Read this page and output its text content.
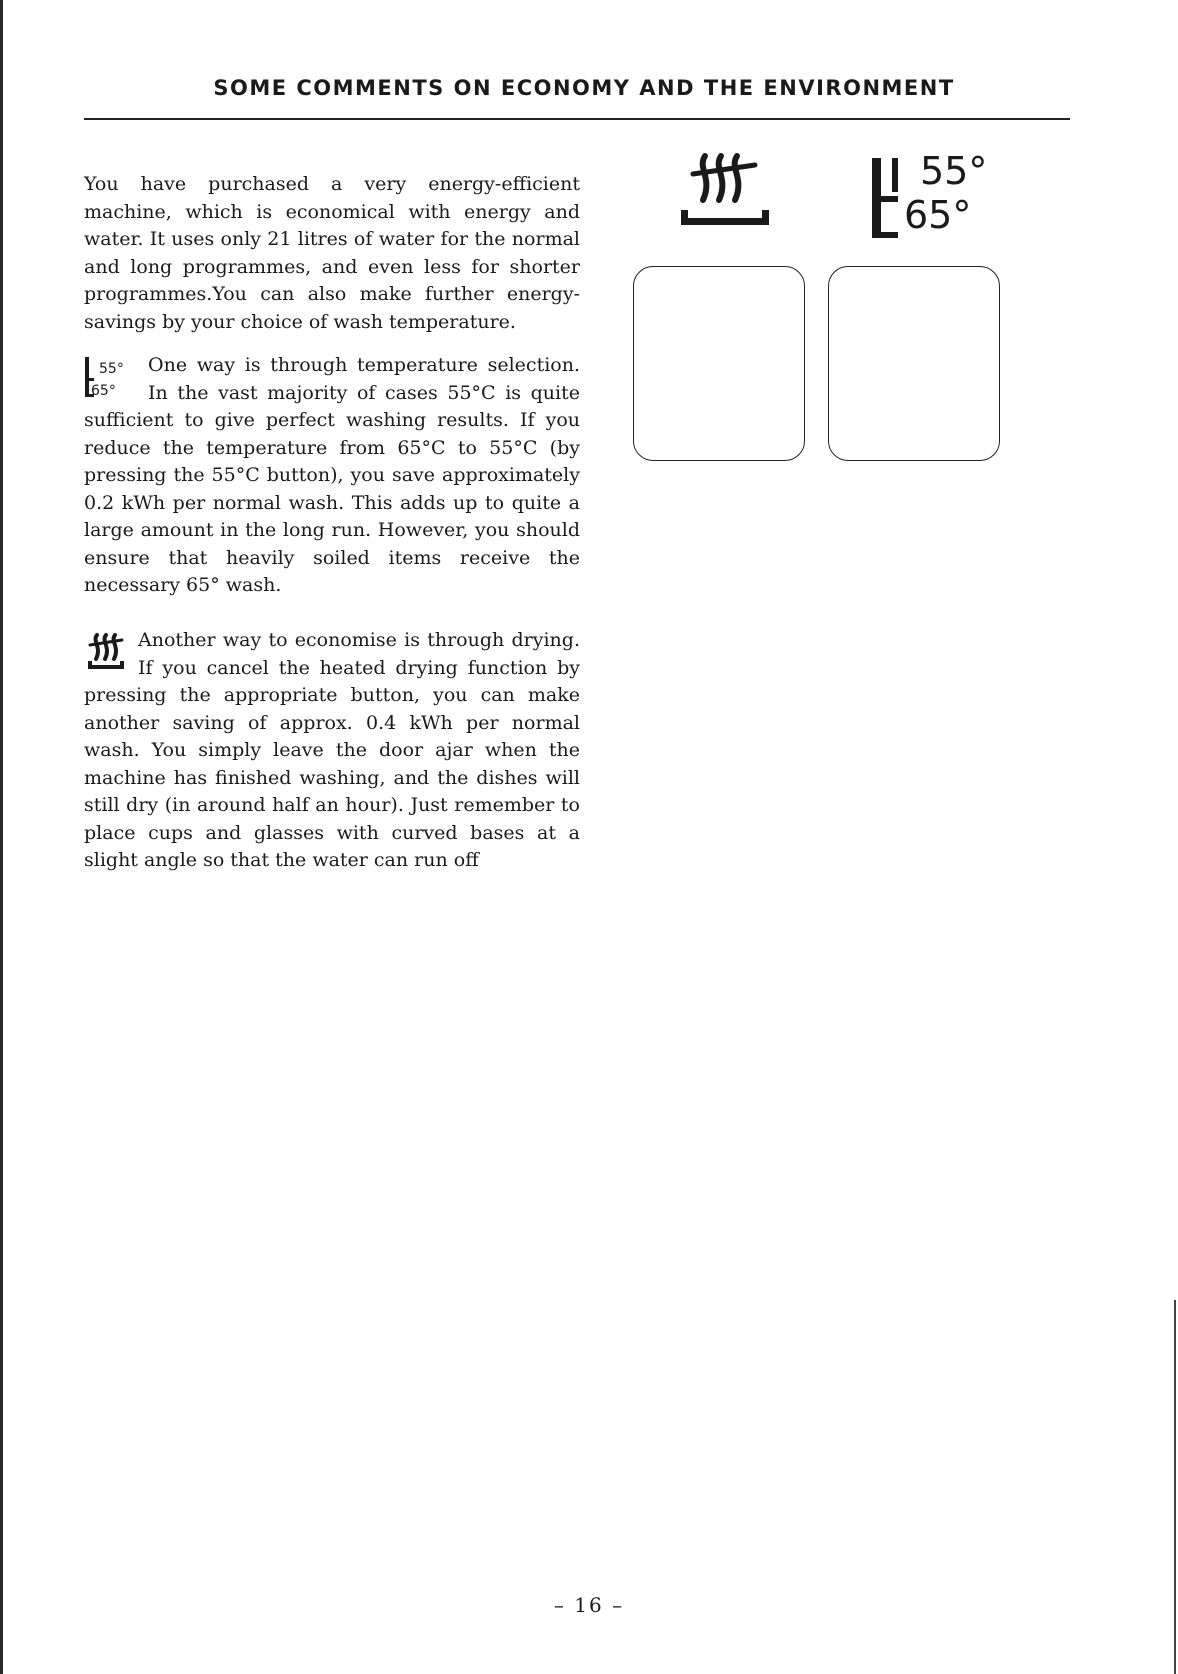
SOME COMMENTS ON ECONOMY AND THE ENVIRONMENT

You have purchased a very energy-efficient machine, which is economical with energy and water. It uses only 21 litres of water for the normal and long programmes, and even less for shorter programmes.You can also make further energy-savings by your choice of wash temperature.

55°
65°
One way is through temperature selection. In the vast majority of cases 55°C is quite sufficient to give perfect washing results. If you reduce the temperature from 65°C to 55°C (by pressing the 55°C button), you save approximately 0.2 kWh per normal wash. This adds up to quite a large amount in the long run. However, you should ensure that heavily soiled items receive the necessary 65° wash.
Another way to economise is through drying. If you cancel the heated drying function by pressing the appropriate button, you can make another saving of approx. 0.4 kWh per normal wash. You simply leave the door ajar when the machine has finished washing, and the dishes will still dry (in around half an hour). Just remember to place cups and glasses with curved bases at a slight angle so that the water can run off
55°
65°
– 16 –
